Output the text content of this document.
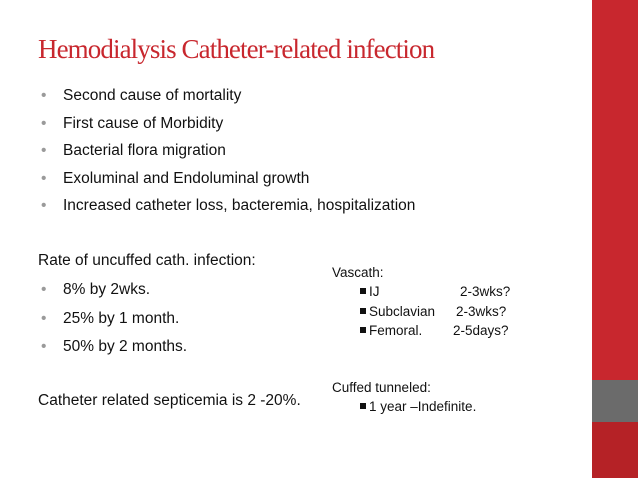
Hemodialysis Catheter-related infection
• Second cause of mortality
• First cause of Morbidity
• Bacterial flora migration
• Exoluminal and Endoluminal growth
• Increased catheter loss, bacteremia, hospitalization
Rate of uncuffed cath. infection:
• 8% by 2wks.
• 25% by 1 month.
• 50% by 2 months.
Catheter related septicemia is 2 -20%.
Vascath:
IJ	2-3wks?
Subclavian 2-3wks?
Femoral. 2-5days?
Cuffed tunneled:
1 year –Indefinite.
